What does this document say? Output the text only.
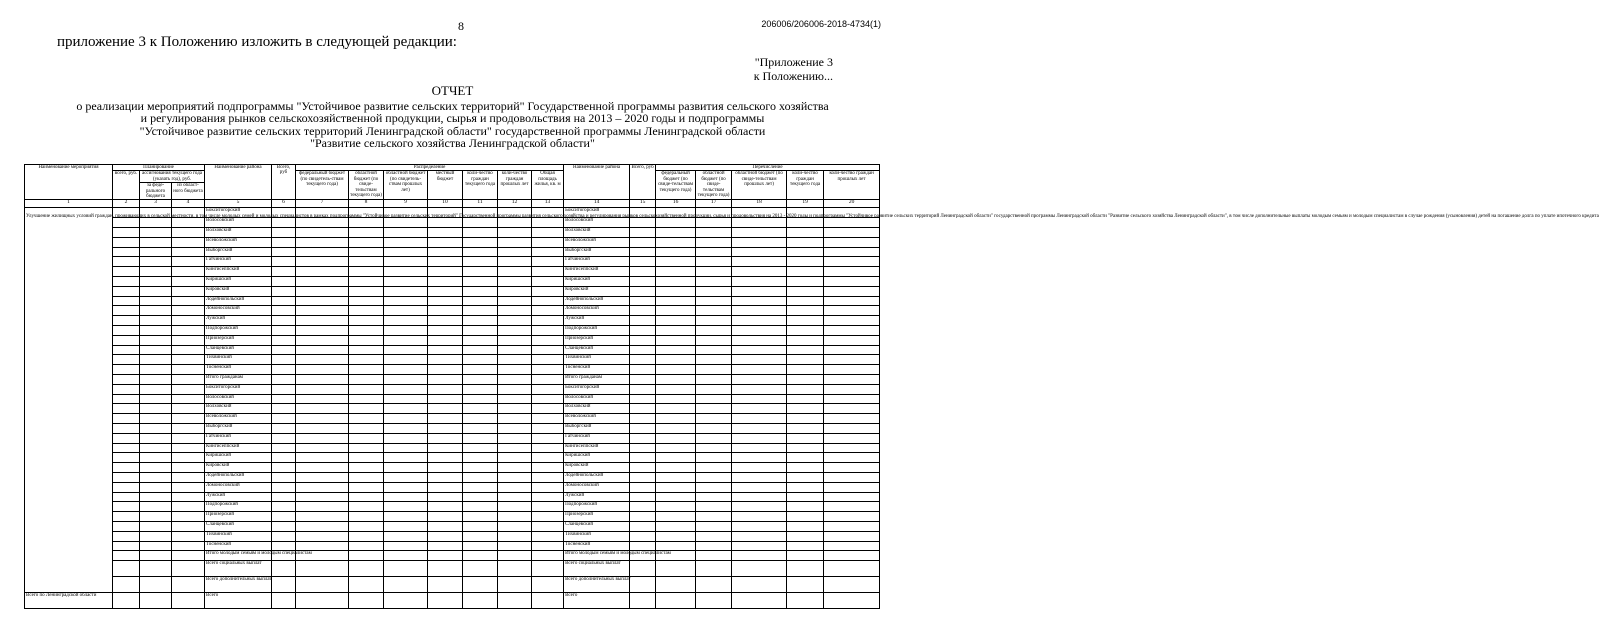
8	206006/206006-2018-4734(1)
приложение 3 к Положению изложить в следующей редакции:
"Приложение 3
к Положению...
ОТЧЕТ
о реализации мероприятий подпрограммы "Устойчивое развитие сельских территорий" Государственной программы развития сельского хозяйства
и регулирования рынков сельскохозяйственной продукции, сырья и продовольствия на 2013 – 2020 годы и подпрограммы
"Устойчивое развитие сельских территорий Ленинградской области" государственной программы Ленинградской области
"Развитие сельского хозяйства Ленинградской области"
Наименование мероприятия	Планирование			Наименование района	Всего, руб	Распределение							Наименование района	Всего, руб	Перечисление				
	всего, руб.	ассигнования текущего года (указать год), руб.				федеральный бюджет (по свидетель-ствам текущего года)	областной бюджет (по свиде-тельствам текущего года)	областной бюджет (по свидетель-ствам прошлых лет)	местный бюджет	коли-чество граждан текущего года	коли-чество граждан прошлых лет	Общая площадь жилья, кв. м			федеральный бюджет (по свиде-тельствам текущего года)	областной бюджет (по свиде-тельствам текущего года)	областной бюджет (по свиде-тельствам прошлых лет)	коли-чество граждан текущего года	коли-чество граждан прошлых лет
		за феде-рального бюджета	из област-ного бюджета																
1	2	3	4	5	6	7	8	9	10	11	12	13	14	15	16	17	18	19	20
Улучшение жилищных условий граждан, проживающих в сельской местности, в том числе молодых семей и молодых специалистов в рамках подпрограммы "Устойчивое развитие сельских территорий" Государственной программы развития сельского хозяйства и регулирования рынков сельскохозяйственной продукции, сырья и продовольствия на 2013 - 2020 годы и подпрограммы "Устойчивое развитие сельских территорий Ленинградской области" государственной программы Ленинградской области "Развитие сельского хозяйства Ленинградской области", в том числе дополнительные выплаты молодым семьям и молодым специалистам в случае рождения (усыновления) детей на погашение долга по уплате ипотечного кредита				Бокситогорский									Бокситогорский						
				Волосовский									Волосовский						
				Волховский									Волховский						
				Всеволожский									Всеволожский						
				Выборгский									Выборгский						
				Гатчинский									Гатчинский						
				Кингисеппский									Кингисеппский						
				Киришский									Киришский						
				Кировский									Кировский						
				Лодейнопольский									Лодейнопольский						
				Ломоносовский									Ломоносовский						
				Лужский									Лужский						
				Подпорожский									Подпорожский						
				Приозерский									Приозерский						
				Сланцевский									Сланцевский						
				Тихвинский									Тихвинский						
				Тосненский									Тосненский						
				Итого гражданам									Итого гражданам						
				Бокситогорский									Бокситогорский						
				Волосовский									Волосовский						
				Волховский									Волховский						
				Всеволожский									Всеволожский						
				Выборгский									Выборгский						
				Гатчинский									Гатчинский						
				Кингисеппский									Кингисеппский						
				Киришский									Киришский						
				Кировский									Кировский						
				Лодейнопольский									Лодейнопольский						
				Ломоносовский									Ломоносовский						
				Лужский									Лужский						
				Подпорожский									Подпорожский						
				Приозерский									Приозерский						
				Сланцевский									Сланцевский						
				Тихвинский									Тихвинский						
				Тосненский									Тосненский						
				Итого молодым семьям и молодым специалистам									Итого молодым семьям и молодым специалистам						
				Всего социальных выплат									Всего социальных выплат						
				Всего дополнительных выплат									Всего дополнительных выплат						
Всего по Ленинградской области				Всего									Всего						
